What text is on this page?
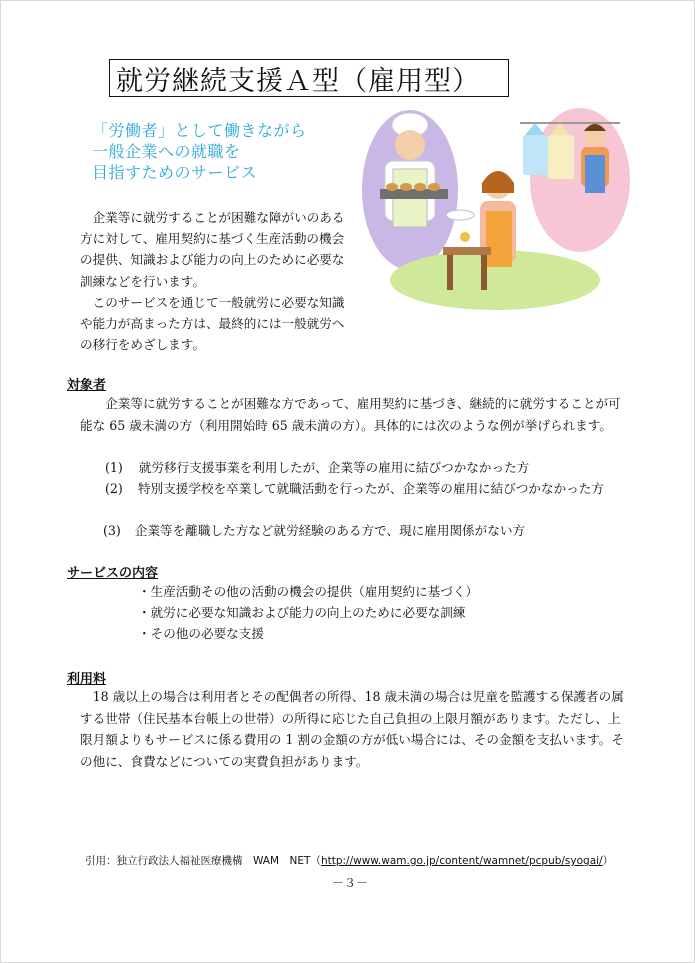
就労継続支援Ａ型（雇用型）
「労働者」として働きながら
一般企業への就職を
目指すためのサービス

企業等に就労することが困難な障がいのある方に対して、雇用契約に基づく生産活動の機会の提供、知識および能力の向上のために必要な訓練などを行います。

このサービスを通じて一般就労に必要な知識や能力が高まった方は、最終的には一般就労への移行をめざします。

対象者
企業等に就労することが困難な方であって、雇用契約に基づき、継続的に就労することが可能な 65 歳未満の方（利用開始時 65 歳未満の方）。具体的には次のような例が挙げられます。
(1) 就労移行支援事業を利用したが、企業等の雇用に結びつかなかった方
(2)	特別支援学校を卒業して就職活動を行ったが、企業等の雇用に結びつかなかった方
(3) 企業等を離職した方など就労経験のある方で、現に雇用関係がない方
サービスの内容
・生産活動その他の活動の機会の提供（雇用契約に基づく）
・就労に必要な知識および能力の向上のために必要な訓練
・その他の必要な支援
利用料
18 歳以上の場合は利用者とその配偶者の所得、18 歳未満の場合は児童を監護する保護者の属する世帯（住民基本台帳上の世帯）の所得に応じた自己負担の上限月額があります。ただし、上限月額よりもサービスに係る費用の 1 割の金額の方が低い場合には、その金額を支払います。その他に、食費などについての実費負担があります。
引用：独立行政法人福祉医療機構　WAM　NET（http://www.wam.go.jp/content/wamnet/pcpub/syogai/）
－３－
